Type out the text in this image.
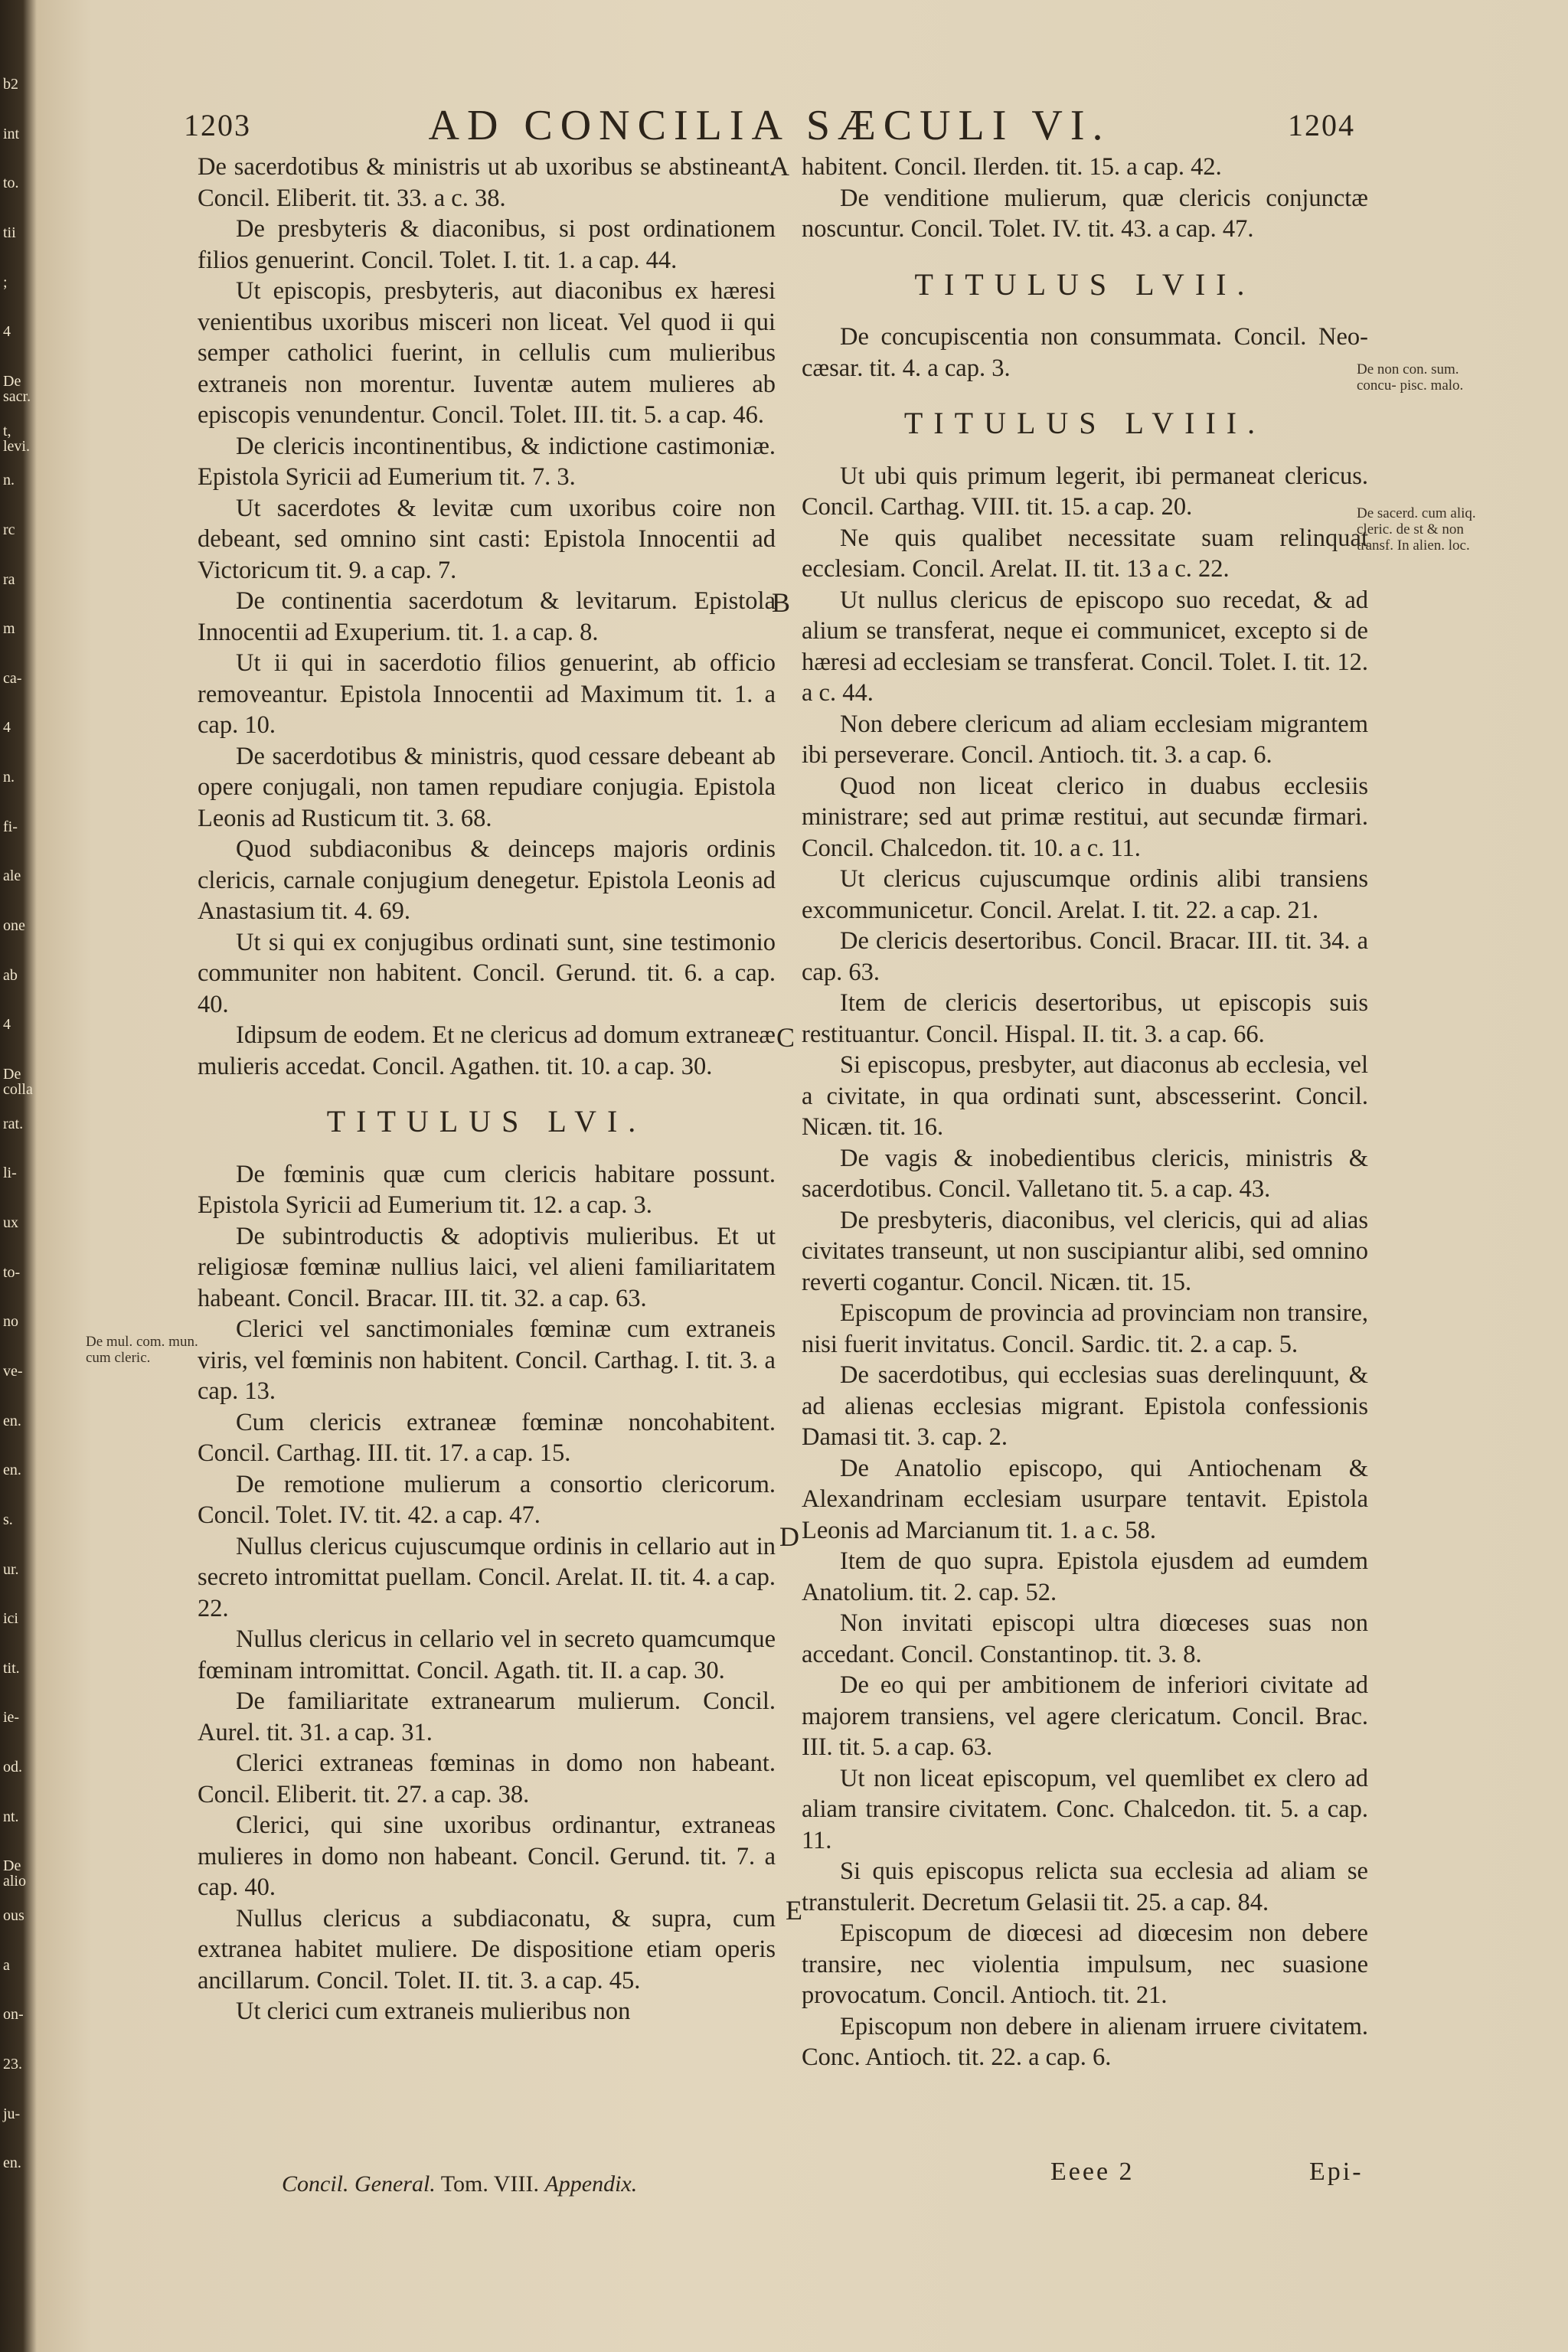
b2
int
to.
tii
;
4
De sacr.
t, levi.
n.
rc
ra
m
ca-
4
n.
fi-
ale
one
ab
4
De colla
rat.
li-
ux
to-
no
ve-
en.
en.
s.
ur.
ici
tit.
ie-
od.
nt.
De alio
ous
a
on-
23.
ju-
en.
1203	AD CONCILIA SÆCULI VI.	1204

De sacerdotibus & ministris ut ab uxoribus se abstineant. Concil. Eliberit. tit. 33. a c. 38.

De presbyteris & diaconibus, si post ordinationem filios genuerint. Concil. Tolet. I. tit. 1. a cap. 44.

Ut episcopis, presbyteris, aut diaconibus ex hæresi venientibus uxoribus misceri non liceat. Vel quod ii qui semper catholici fuerint, in cellulis cum mulieribus extraneis non morentur. Iuventæ autem mulieres ab episcopis venundentur. Concil. Tolet. III. tit. 5. a cap. 46.

De clericis incontinentibus, & indictione castimoniæ. Epistola Syricii ad Eumerium tit. 7. 3.

Ut sacerdotes & levitæ cum uxoribus coire non debeant, sed omnino sint casti: Epistola Innocentii ad Victoricum tit. 9. a cap. 7.

De continentia sacerdotum & levitarum. Epistola Innocentii ad Exuperium. tit. 1. a cap. 8.

Ut ii qui in sacerdotio filios genuerint, ab officio removeantur. Epistola Innocentii ad Maximum tit. 1. a cap. 10.

De sacerdotibus & ministris, quod cessare debeant ab opere conjugali, non tamen repudiare conjugia. Epistola Leonis ad Rusticum tit. 3. 68.

Quod subdiaconibus & deinceps majoris ordinis clericis, carnale conjugium denegetur. Epistola Leonis ad Anastasium tit. 4. 69.

Ut si qui ex conjugibus ordinati sunt, sine testimonio communiter non habitent. Concil. Gerund. tit. 6. a cap. 40.

Idipsum de eodem. Et ne clericus ad domum extraneæ mulieris accedat. Concil. Agathen. tit. 10. a cap. 30.

TITULUS LVI.

De fœminis quæ cum clericis habitare possunt. Epistola Syricii ad Eumerium tit. 12. a cap. 3.

De subintroductis & adoptivis mulieribus. Et ut religiosæ fœminæ nullius laici, vel alieni familiaritatem habeant. Concil. Bracar. III. tit. 32. a cap. 63.

Clerici vel sanctimoniales fœminæ cum extraneis viris, vel fœminis non habitent. Concil. Carthag. I. tit. 3. a cap. 13.

Cum clericis extraneæ fœminæ noncohabitent. Concil. Carthag. III. tit. 17. a cap. 15.

De remotione mulierum a consortio clericorum. Concil. Tolet. IV. tit. 42. a cap. 47.

Nullus clericus cujuscumque ordinis in cellario aut in secreto intromittat puellam. Concil. Arelat. II. tit. 4. a cap. 22.

Nullus clericus in cellario vel in secreto quamcumque fœminam intromittat. Concil. Agath. tit. II. a cap. 30.

De familiaritate extranearum mulierum. Concil. Aurel. tit. 31. a cap. 31.

Clerici extraneas fœminas in domo non habeant. Concil. Eliberit. tit. 27. a cap. 38.

Clerici, qui sine uxoribus ordinantur, extraneas mulieres in domo non habeant. Concil. Gerund. tit. 7. a cap. 40.

Nullus clericus a subdiaconatu, & supra, cum extranea habitet muliere. De dispositione etiam operis ancillarum. Concil. Tolet. II. tit. 3. a cap. 45.

Ut clerici cum extraneis mulieribus non

habitent. Concil. Ilerden. tit. 15. a cap. 42.

De venditione mulierum, quæ clericis conjunctæ noscuntur. Concil. Tolet. IV. tit. 43. a cap. 47.

TITULUS LVII.

De concupiscentia non consummata. Concil. Neo-cæsar. tit. 4. a cap. 3.

TITULUS LVIII.

Ut ubi quis primum legerit, ibi permaneat clericus. Concil. Carthag. VIII. tit. 15. a cap. 20.

Ne quis qualibet necessitate suam relinquat ecclesiam. Concil. Arelat. II. tit. 13 a c. 22.

Ut nullus clericus de episcopo suo recedat, & ad alium se transferat, neque ei communicet, excepto si de hæresi ad ecclesiam se transferat. Concil. Tolet. I. tit. 12. a c. 44.

Non debere clericum ad aliam ecclesiam migrantem ibi perseverare. Concil. Antioch. tit. 3. a cap. 6.

Quod non liceat clerico in duabus ecclesiis ministrare; sed aut primæ restitui, aut secundæ firmari. Concil. Chalcedon. tit. 10. a c. 11.

Ut clericus cujuscumque ordinis alibi transiens excommunicetur. Concil. Arelat. I. tit. 22. a cap. 21.

De clericis desertoribus. Concil. Bracar. III. tit. 34. a cap. 63.

Item de clericis desertoribus, ut episcopis suis restituantur. Concil. Hispal. II. tit. 3. a cap. 66.

Si episcopus, presbyter, aut diaconus ab ecclesia, vel a civitate, in qua ordinati sunt, abscesserint. Concil. Nicæn. tit. 16.

De vagis & inobedientibus clericis, ministris & sacerdotibus. Concil. Valletano tit. 5. a cap. 43.

De presbyteris, diaconibus, vel clericis, qui ad alias civitates transeunt, ut non suscipiantur alibi, sed omnino reverti cogantur. Concil. Nicæn. tit. 15.

Episcopum de provincia ad provinciam non transire, nisi fuerit invitatus. Concil. Sardic. tit. 2. a cap. 5.

De sacerdotibus, qui ecclesias suas derelinquunt, & ad alienas ecclesias migrant. Epistola confessionis Damasi tit. 3. cap. 2.

De Anatolio episcopo, qui Antiochenam & Alexandrinam ecclesiam usurpare tentavit. Epistola Leonis ad Marcianum tit. 1. a c. 58.

Item de quo supra. Epistola ejusdem ad eumdem Anatolium. tit. 2. cap. 52.

Non invitati episcopi ultra diœceses suas non accedant. Concil. Constantinop. tit. 3. 8.

De eo qui per ambitionem de inferiori civitate ad majorem transiens, vel agere clericatum. Concil. Brac. III. tit. 5. a cap. 63.

Ut non liceat episcopum, vel quemlibet ex clero ad aliam transire civitatem. Conc. Chalcedon. tit. 5. a cap. 11.

Si quis episcopus relicta sua ecclesia ad aliam se transtulerit. Decretum Gelasii tit. 25. a cap. 84.

Episcopum de diœcesi ad diœcesim non debere transire, nec violentia impulsum, nec suasione provocatum. Concil. Antioch. tit. 21.

Episcopum non debere in alienam irruere civitatem. Conc. Antioch. tit. 22. a cap. 6.

A
B
C
D
E
De mul. com. mun. cum cleric.
De non con. sum. concu- pisc. malo.
De sacerd. cum aliq. cleric. de st & non transf. In alien. loc.
Concil. General. Tom. VIII. Appendix.	Eeee 2	Epi-
